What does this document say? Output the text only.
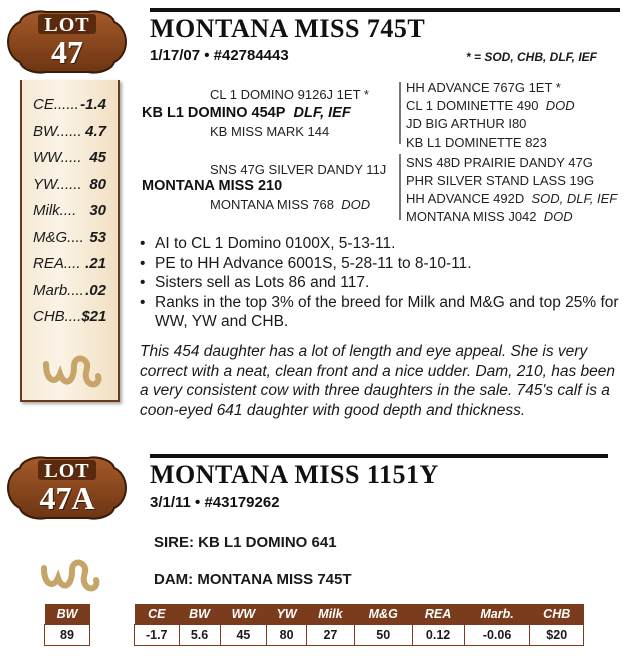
CE...... -1.4
BW...... 4.7
WW..... 45
YW...... 80
Milk.... 30
M&G.... 53
REA.... .21
Marb.... .02
CHB.... $21
LOT
47
MONTANA MISS 745T
1/17/07 • #42784443	* = SOD, CHB, DLF, IEF
CL 1 DOMINO 9126J 1ET *
KB L1 DOMINO 454P DLF, IEF
KB MISS MARK 144
SNS 47G SILVER DANDY 11J
MONTANA MISS 210
MONTANA MISS 768 DOD
HH ADVANCE 767G 1ET *
CL 1 DOMINETTE 490 DOD
JD BIG ARTHUR I80
KB L1 DOMINETTE 823
SNS 48D PRAIRIE DANDY 47G
PHR SILVER STAND LASS 19G
HH ADVANCE 492D SOD, DLF, IEF
MONTANA MISS J042 DOD
• AI to CL 1 Domino 0100X, 5-13-11.
• PE to HH Advance 6001S, 5-28-11 to 8-10-11.
• Sisters sell as Lots 86 and 117.
• Ranks in the top 3% of the breed for Milk and M&G and top 25% for WW, YW and CHB.
This 454 daughter has a lot of length and eye appeal. She is very correct with a neat, clean front and a nice udder. Dam, 210, has been a very consistent cow with three daughters in the sale. 745's calf is a coon-eyed 641 daughter with good depth and thickness.
LOT
47A
MONTANA MISS 1151Y
3/1/11 • #43179262
SIRE: KB L1 DOMINO 641
DAM: MONTANA MISS 745T
BW
89
CE	BW	WW	YW	Milk	M&G	REA	Marb.	CHB
-1.7	5.6	45	80	27	50	0.12	-0.06	$20
